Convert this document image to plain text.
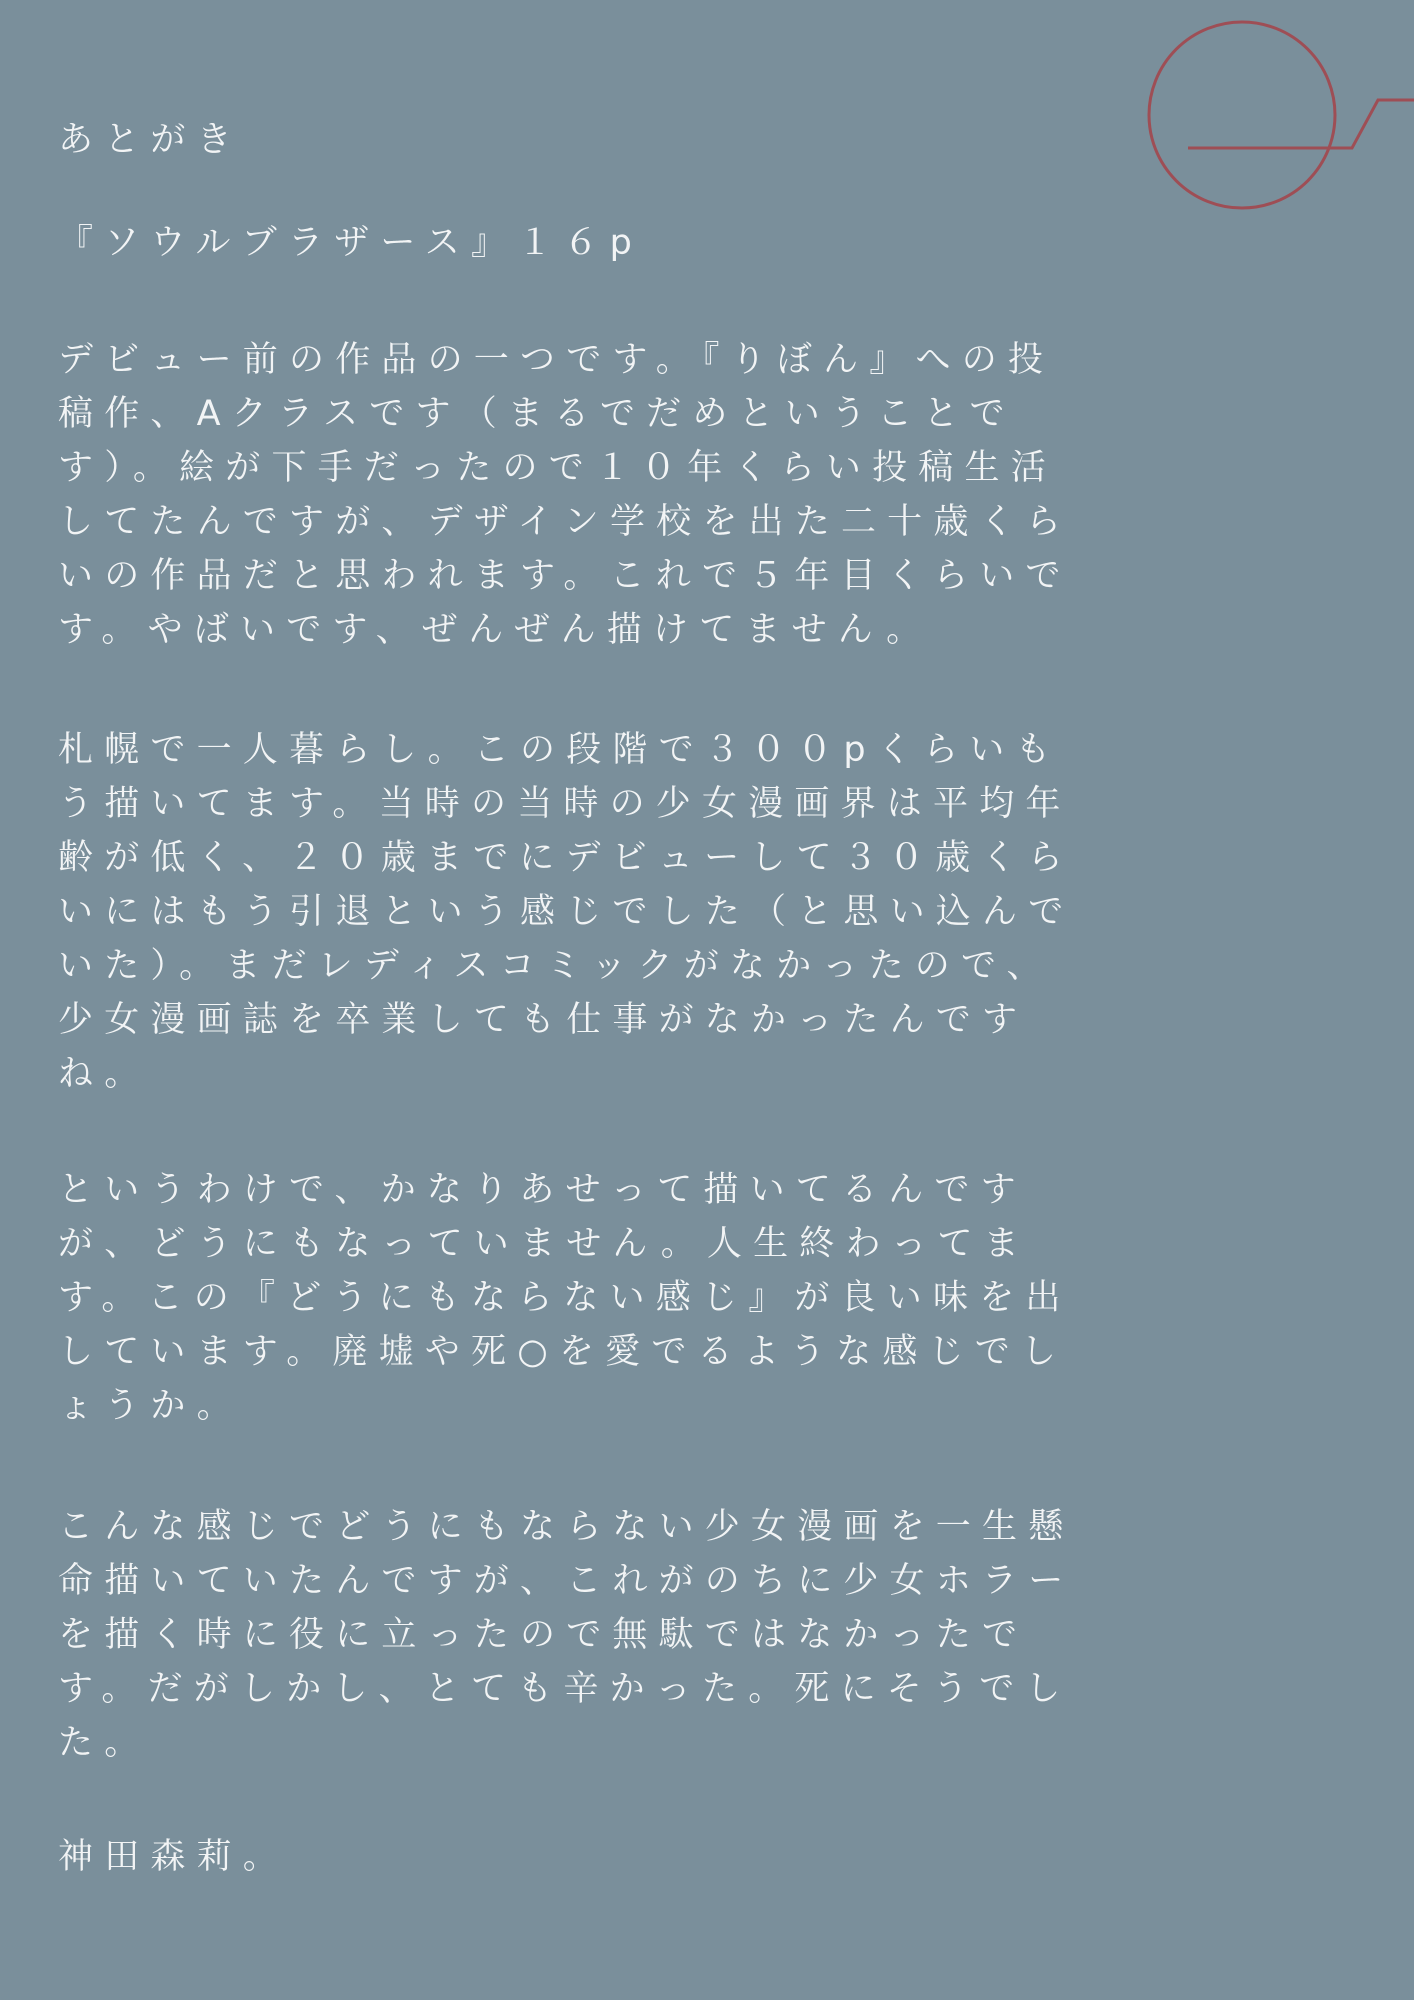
あとがき
『ソウルブラザース』１６p
デビュー前の作品の一つです。『りぼん』への投
稿作、Aクラスです（まるでだめということで
す）。絵が下手だったので１０年くらい投稿生活
してたんですが、デザイン学校を出た二十歳くら
いの作品だと思われます。これで５年目くらいで
す。やばいです、ぜんぜん描けてません。
札幌で一人暮らし。この段階で３００pくらいも
う描いてます。当時の当時の少女漫画界は平均年
齢が低く、２０歳までにデビューして３０歳くら
いにはもう引退という感じでした（と思い込んで
いた）。まだレディスコミックがなかったので、
少女漫画誌を卒業しても仕事がなかったんです
ね。
というわけで、かなりあせって描いてるんです
が、どうにもなっていません。人生終わってま
す。この『どうにもならない感じ』が良い味を出
しています。廃墟や死○を愛でるような感じでし
ょうか。
こんな感じでどうにもならない少女漫画を一生懸
命描いていたんですが、これがのちに少女ホラー
を描く時に役に立ったので無駄ではなかったで
す。だがしかし、とても辛かった。死にそうでし
た。
神田森莉。
